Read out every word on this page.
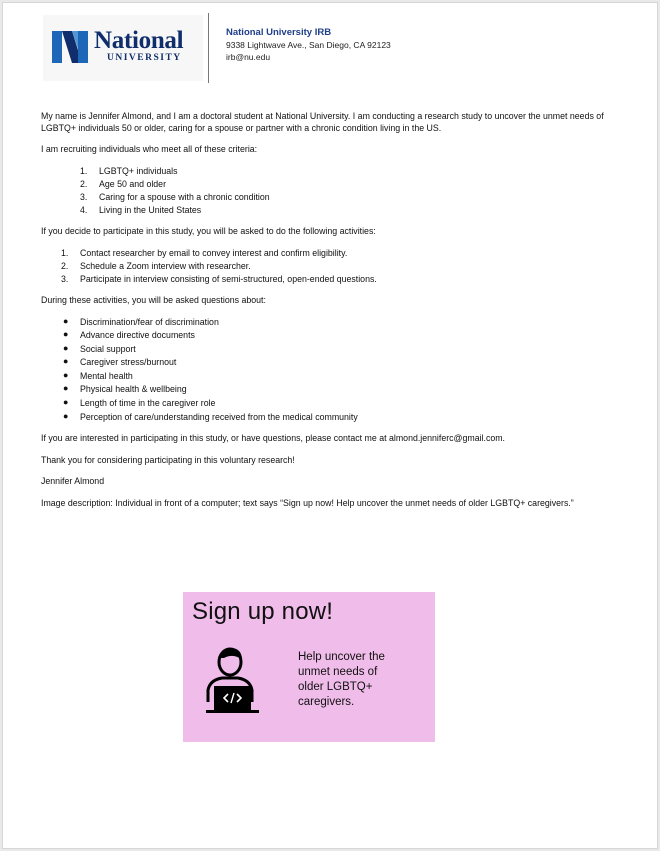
National
UNIVERSITY
National University IRB
9338 Lightwave Ave., San Diego, CA 92123
irb@nu.edu

My name is Jennifer Almond, and I am a doctoral student at National University. I am conducting a research study to uncover the unmet needs of LGBTQ+ individuals 50 or older, caring for a spouse or partner with a chronic condition living in the US.

I am recruiting individuals who meet all of these criteria:

1. LGBTQ+ individuals
2. Age 50 and older
3. Caring for a spouse with a chronic condition
4. Living in the United States

If you decide to participate in this study, you will be asked to do the following activities:

1. Contact researcher by email to convey interest and confirm eligibility.
2. Schedule a Zoom interview with researcher.
3. Participate in interview consisting of semi-structured, open-ended questions.

During these activities, you will be asked questions about:

● Discrimination/fear of discrimination
● Advance directive documents
● Social support
● Caregiver stress/burnout
● Mental health
● Physical health & wellbeing
● Length of time in the caregiver role
● Perception of care/understanding received from the medical community

If you are interested in participating in this study, or have questions, please contact me at almond.jenniferc@gmail.com.

Thank you for considering participating in this voluntary research!

Jennifer Almond

Image description: Individual in front of a computer; text says “Sign up now! Help uncover the unmet needs of older LGBTQ+ caregivers.”

Sign up now!
Help uncover the
unmet needs of
older LGBTQ+
caregivers.
